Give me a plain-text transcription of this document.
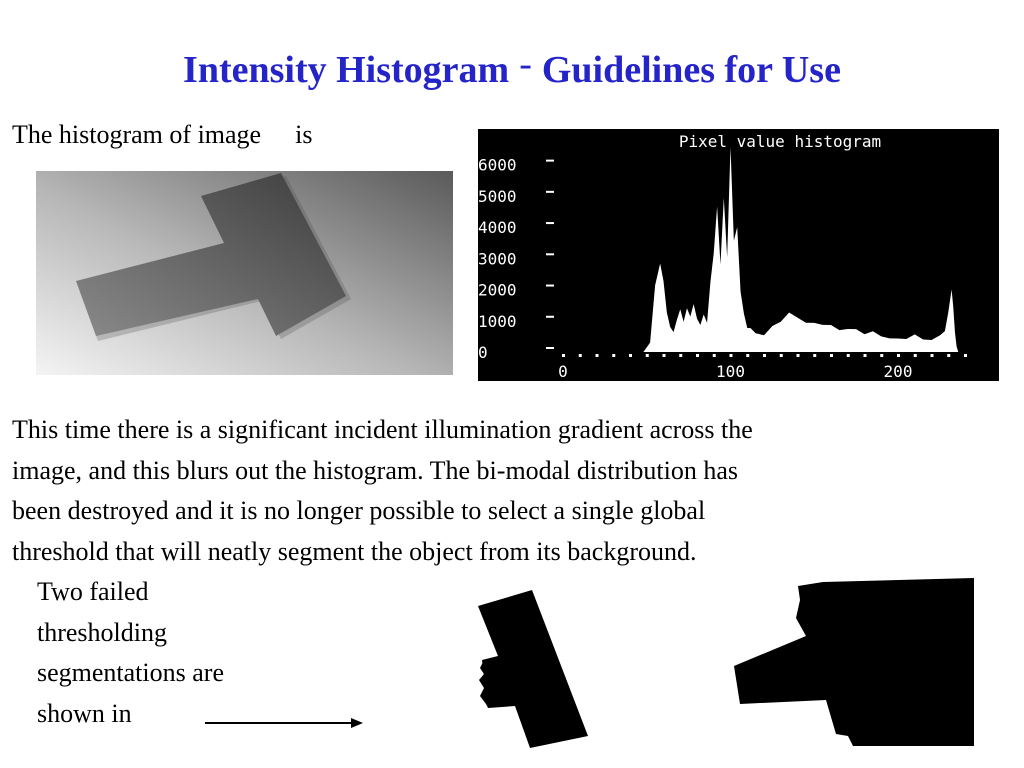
Intensity Histogram - Guidelines for Use
The histogram of image is	Pixel value histogram
6000
5000
4000
3000
2000
1000
0
0	100	200

This time there is a significant incident illumination gradient across the

image, and this blurs out the histogram. The bi-modal distribution has

been destroyed and it is no longer possible to select a single global

threshold that will neatly segment the object from its background.

Two failed

thresholding

segmentations are

shown in
